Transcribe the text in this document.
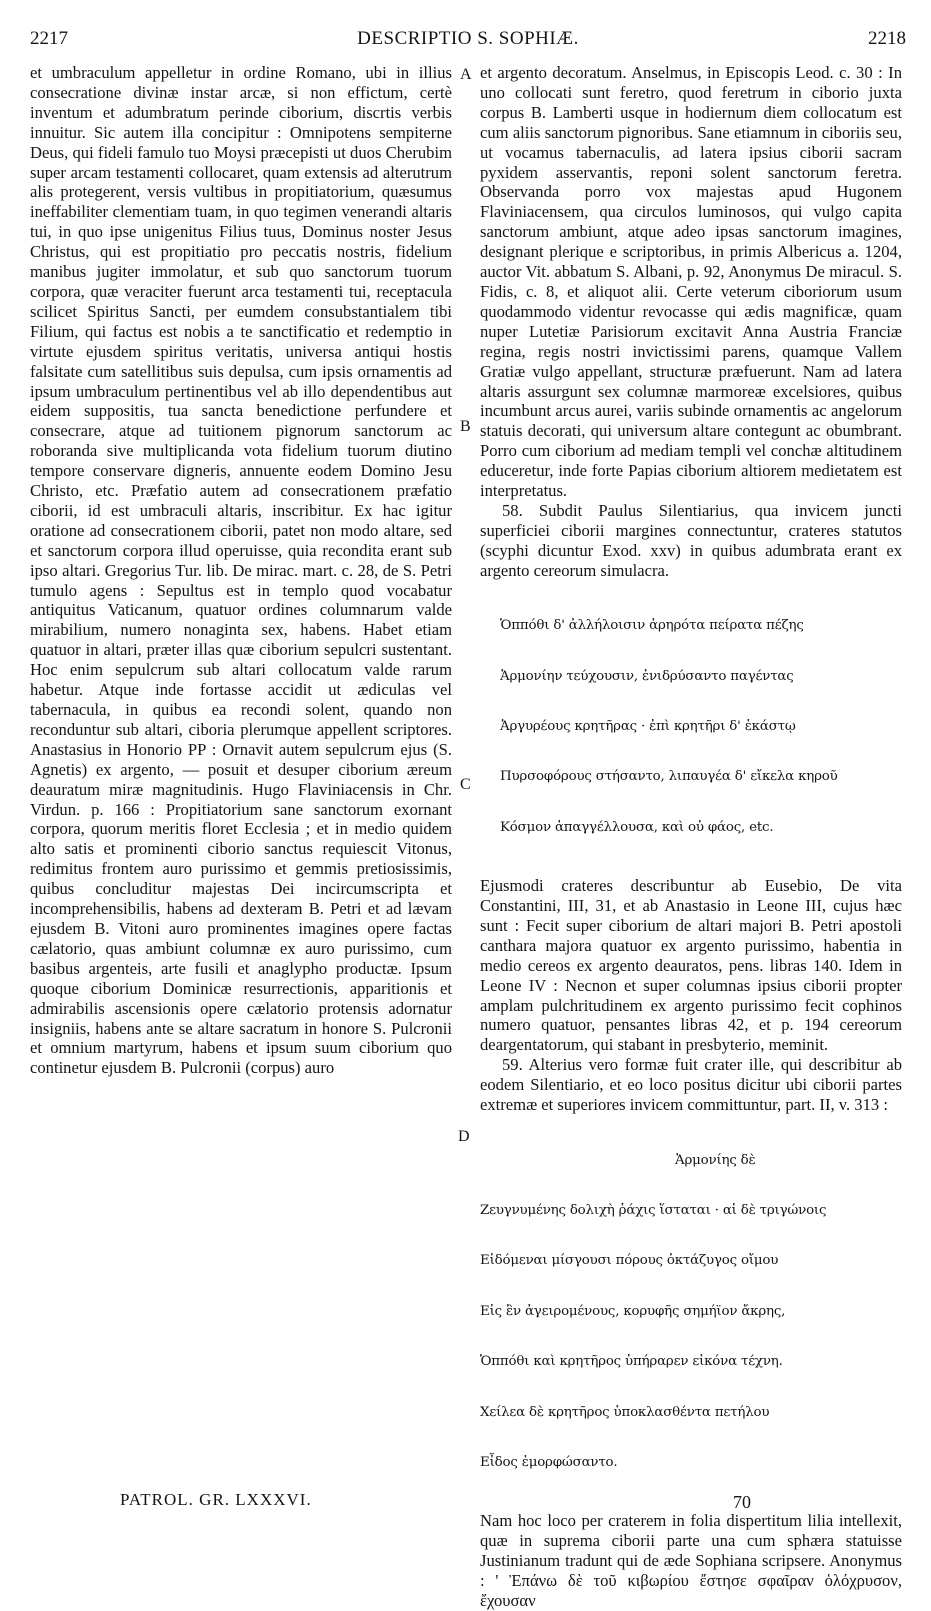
2217	DESCRIPTIO S. SOPHIÆ.	2218

et umbraculum appelletur in ordine Romano, ubi in illius consecratione divinæ instar arcæ, si non effictum, certè inventum et adumbratum perinde ciborium, discrtis verbis innuitur. Sic autem illa concipitur : Omnipotens sempiterne Deus, qui fideli famulo tuo Moysi præcepisti ut duos Cherubim super arcam testamenti collocaret, quam extensis ad alterutrum alis protegerent, versis vultibus in propitiatorium, quæsumus ineffabiliter clementiam tuam, in quo tegimen venerandi altaris tui, in quo ipse unigenitus Filius tuus, Dominus noster Jesus Christus, qui est propitiatio pro peccatis nostris, fidelium manibus jugiter immolatur, et sub quo sanctorum tuorum corpora, quæ veraciter fuerunt arca testamenti tui, receptacula scilicet Spiritus Sancti, per eumdem consubstantialem tibi Filium, qui factus est nobis a te sanctificatio et redemptio in virtute ejusdem spiritus veritatis, universa antiqui hostis falsitate cum satellitibus suis depulsa, cum ipsis ornamentis ad ipsum umbraculum pertinentibus vel ab illo dependentibus aut eidem suppositis, tua sancta benedictione perfundere et consecrare, atque ad tuitionem pignorum sanctorum ac roboranda sive multiplicanda vota fidelium tuorum diutino tempore conservare digneris, annuente eodem Domino Jesu Christo, etc. Præfatio autem ad consecrationem præfatio ciborii, id est umbraculi altaris, inscribitur. Ex hac igitur oratione ad consecrationem ciborii, patet non modo altare, sed et sanctorum corpora illud operuisse, quia recondita erant sub ipso altari. Gregorius Tur. lib. De mirac. mart. c. 28, de S. Petri tumulo agens : Sepultus est in templo quod vocabatur antiquitus Vaticanum, quatuor ordines columnarum valde mirabilium, numero nonaginta sex, habens. Habet etiam quatuor in altari, præter illas quæ ciborium sepulcri sustentant. Hoc enim sepulcrum sub altari collocatum valde rarum habetur. Atque inde fortasse accidit ut ædiculas vel tabernacula, in quibus ea recondi solent, quando non reconduntur sub altari, ciboria plerumque appellent scriptores. Anastasius in Honorio PP : Ornavit autem sepulcrum ejus (S. Agnetis) ex argento, — posuit et desuper ciborium æreum deauratum miræ magnitudinis. Hugo Flaviniacensis in Chr. Virdun. p. 166 : Propitiatorium sane sanctorum exornant corpora, quorum meritis floret Ecclesia ; et in medio quidem alto satis et prominenti ciborio sanctus requiescit Vitonus, redimitus frontem auro purissimo et gemmis pretiosissimis, quibus concluditur majestas Dei incircumscripta et incomprehensibilis, habens ad dexteram B. Petri et ad lævam ejusdem B. Vitoni auro prominentes imagines opere factas cælatorio, quas ambiunt columnæ ex auro purissimo, cum basibus argenteis, arte fusili et anaglypho productæ. Ipsum quoque ciborium Dominicæ resurrectionis, apparitionis et admirabilis ascensionis opere cælatorio protensis adornatur insigniis, habens ante se altare sacratum in honore S. Pulcronii et omnium martyrum, habens et ipsum suum ciborium quo continetur ejusdem B. Pulcronii (corpus) auro

et argento decoratum. Anselmus, in Episcopis Leod. c. 30 : In uno collocati sunt feretro, quod feretrum in ciborio juxta corpus B. Lamberti usque in hodiernum diem collocatum est cum aliis sanctorum pignoribus. Sane etiamnum in ciboriis seu, ut vocamus tabernaculis, ad latera ipsius ciborii sacram pyxidem asservantis, reponi solent sanctorum feretra. Observanda porro vox majestas apud Hugonem Flaviniacensem, qua circulos luminosos, qui vulgo capita sanctorum ambiunt, atque adeo ipsas sanctorum imagines, designant plerique e scriptoribus, in primis Albericus a. 1204, auctor Vit. abbatum S. Albani, p. 92, Anonymus De miracul. S. Fidis, c. 8, et aliquot alii. Certe veterum ciboriorum usum quodammodo videntur revocasse qui ædis magnificæ, quam nuper Lutetiæ Parisiorum excitavit Anna Austria Franciæ regina, regis nostri invictissimi parens, quamque Vallem Gratiæ vulgo appellant, structuræ præfuerunt. Nam ad latera altaris assurgunt sex columnæ marmoreæ excelsiores, quibus incumbunt arcus aurei, variis subinde ornamentis ac angelorum statuis decorati, qui universum altare contegunt ac obumbrant. Porro cum ciborium ad mediam templi vel conchæ altitudinem educeretur, inde forte Papias ciborium altiorem medietatem est interpretatus.

58. Subdit Paulus Silentiarius, qua invicem juncti superficiei ciborii margines connectuntur, crateres statutos (scyphi dicuntur Exod. xxv) in quibus adumbrata erant ex argento cereorum simulacra.

Ὁππόθι δ' ἀλλήλοισιν ἀρηρότα πείρατα πέζης

Ἁρμονίην τεύχουσιν, ἐνιδρύσαντο παγέντας

Ἀργυρέους κρητῆρας · ἐπὶ κρητῆρι δ' ἑκάστῳ

Πυρσοφόρους στήσαντο, λιπαυγέα δ' εἴκελα κηροῦ

Κόσμον ἀπαγγέλλουσα, καὶ οὐ φάος, etc.

Ejusmodi crateres describuntur ab Eusebio, De vita Constantini, III, 31, et ab Anastasio in Leone III, cujus hæc sunt : Fecit super ciborium de altari majori B. Petri apostoli canthara majora quatuor ex argento purissimo, habentia in medio cereos ex argento deauratos, pens. libras 140. Idem in Leone IV : Necnon et super columnas ipsius ciborii propter amplam pulchritudinem ex argento purissimo fecit cophinos numero quatuor, pensantes libras 42, et p. 194 cereorum deargentatorum, qui stabant in presbyterio, meminit.

59. Alterius vero formæ fuit crater ille, qui describitur ab eodem Silentiario, et eo loco positus dicitur ubi ciborii partes extremæ et superiores invicem committuntur, part. II, v. 313 :

Ἁρμονίης δὲ

Ζευγνυμένης δολιχὴ ῥάχις ἵσταται · αἱ δὲ τριγώνοις

Εἰδόμεναι μίσγουσι πόρους ὀκτάζυγος οἴμου

Εἰς ἓν ἀγειρομένους, κορυφῆς σημήϊον ἄκρης,

Ὁππόθι καὶ κρητῆρος ὑπήραρεν εἰκόνα τέχνη.

Χείλεα δὲ κρητῆρος ὑποκλασθέντα πετήλου

Εἶδος ἐμορφώσαντο.

Nam hoc loco per craterem in folia dispertitum lilia intellexit, quæ in suprema ciborii parte una cum sphæra statuisse Justinianum tradunt qui de æde Sophiana scripsere. Anonymus : ' Ἐπάνω δὲ τοῦ κιβωρίου ἔστησε σφαῖραν ὁλόχρυσον, ἔχουσαν

A
B
C
D
PATROL. GR. LXXXVI.	70
